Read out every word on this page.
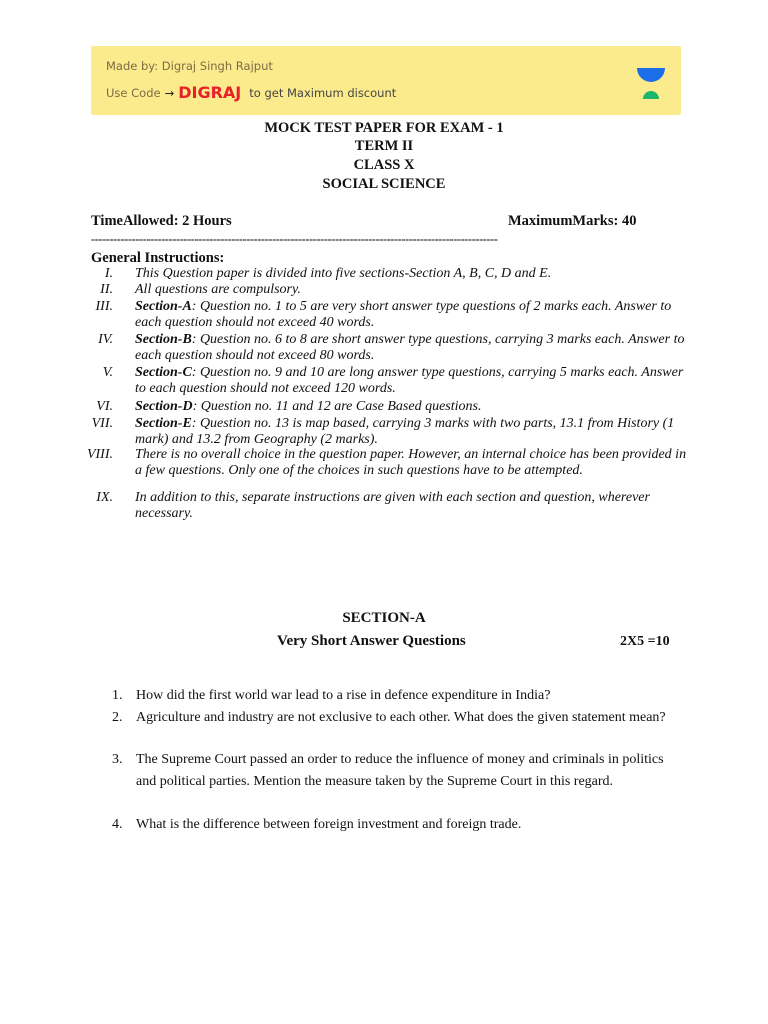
Made by: Digraj Singh Rajput
Use Code → DIGRAJ to get Maximum discount
MOCK TEST PAPER FOR EXAM - 1
TERM II
CLASS X
SOCIAL SCIENCE
TimeAllowed: 2 Hours	MaximumMarks: 40
--------------------------------------------------------------------------------------------------------------
General Instructions:
I. This Question paper is divided into five sections-Section A, B, C, D and E.
II. All questions are compulsory.
III. Section-A: Question no. 1 to 5 are very short answer type questions of 2 marks each. Answer to each question should not exceed 40 words.
IV. Section-B: Question no. 6 to 8 are short answer type questions, carrying 3 marks each. Answer to each question should not exceed 80 words.
V. Section-C: Question no. 9 and 10 are long answer type questions, carrying 5 marks each. Answer to each question should not exceed 120 words.
VI. Section-D: Question no. 11 and 12 are Case Based questions.
VII. Section-E: Question no. 13 is map based, carrying 3 marks with two parts, 13.1 from History (1 mark) and 13.2 from Geography (2 marks).
VIII. There is no overall choice in the question paper. However, an internal choice has been provided in a few questions. Only one of the choices in such questions have to be attempted.
IX. In addition to this, separate instructions are given with each section and question, wherever necessary.
SECTION-A
Very Short Answer Questions	2X5 =10
1. How did the first world war lead to a rise in defence expenditure in India?
2. Agriculture and industry are not exclusive to each other. What does the given statement mean?
3. The Supreme Court passed an order to reduce the influence of money and criminals in politics and political parties. Mention the measure taken by the Supreme Court in this regard.
4. What is the difference between foreign investment and foreign trade.
